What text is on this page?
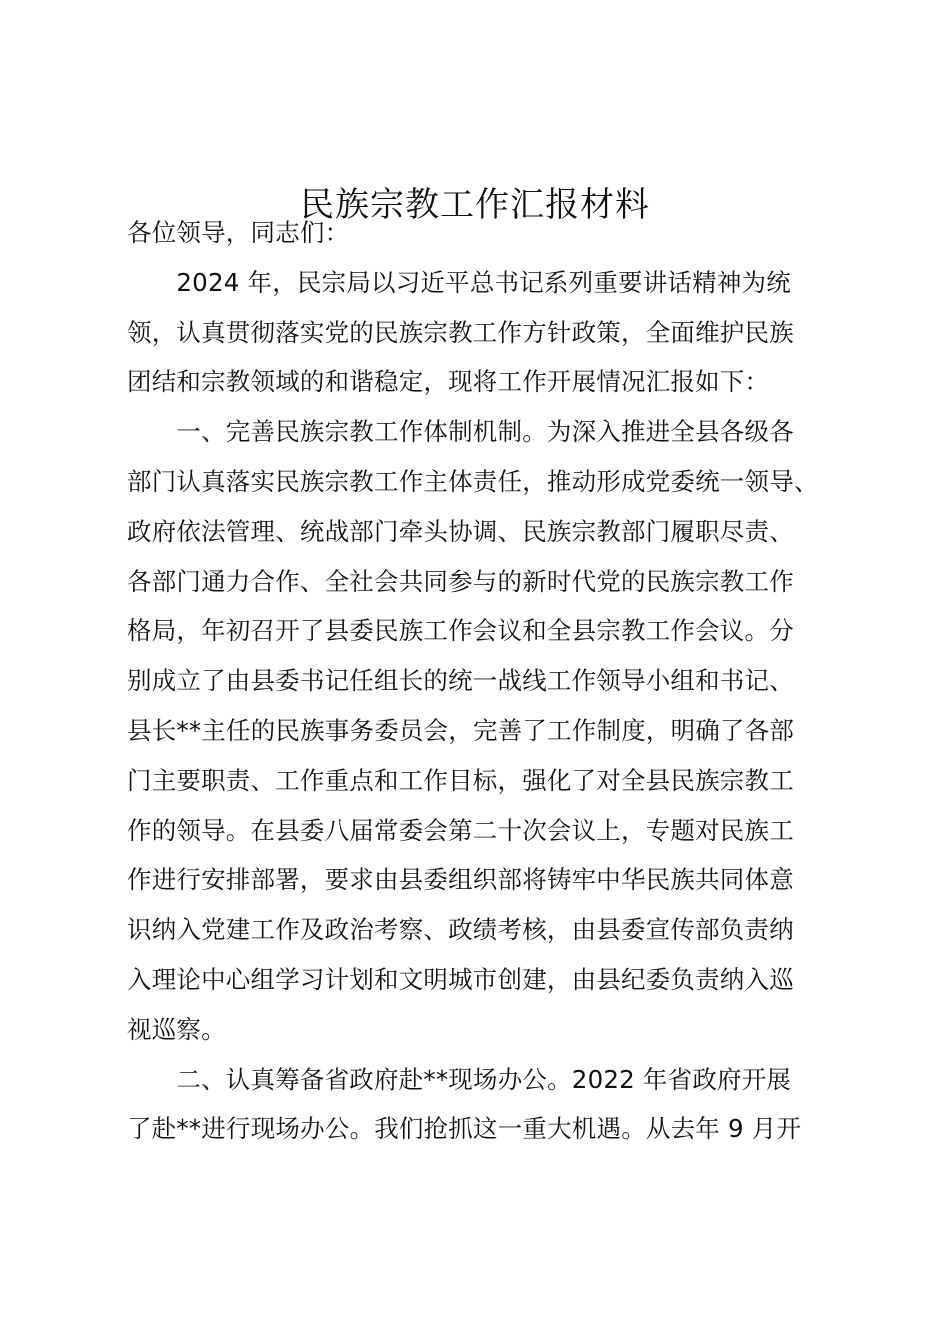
民族宗教工作汇报材料
各位领导，同志们：
　　2024 年，民宗局以习近平总书记系列重要讲话精神为统
领，认真贯彻落实党的民族宗教工作方针政策，全面维护民族
团结和宗教领域的和谐稳定，现将工作开展情况汇报如下：
　　一、完善民族宗教工作体制机制。为深入推进全县各级各
部门认真落实民族宗教工作主体责任，推动形成党委统一领导、
政府依法管理、统战部门牵头协调、民族宗教部门履职尽责、
各部门通力合作、全社会共同参与的新时代党的民族宗教工作
格局，年初召开了县委民族工作会议和全县宗教工作会议。分
别成立了由县委书记任组长的统一战线工作领导小组和书记、
县长**主任的民族事务委员会，完善了工作制度，明确了各部
门主要职责、工作重点和工作目标，强化了对全县民族宗教工
作的领导。在县委八届常委会第二十次会议上，专题对民族工
作进行安排部署，要求由县委组织部将铸牢中华民族共同体意
识纳入党建工作及政治考察、政绩考核，由县委宣传部负责纳
入理论中心组学习计划和文明城市创建，由县纪委负责纳入巡
视巡察。
　　二、认真筹备省政府赴**现场办公。2022 年省政府开展
了赴**进行现场办公。我们抢抓这一重大机遇。从去年 9 月开
